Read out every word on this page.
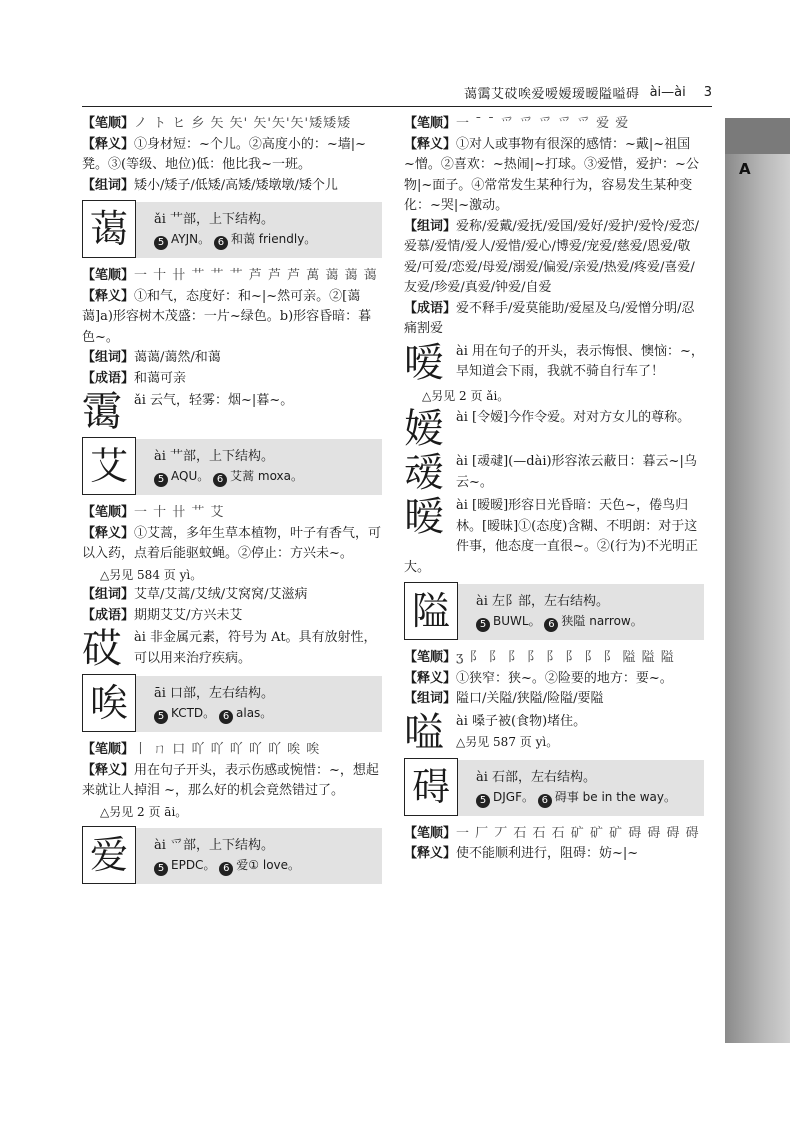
蔼霭艾砹唉爱嗳嫒瑷暧隘嗌碍 ài—ài 3
A
【笔顺】ノ ト ヒ 乡 矢 矢' 矢'矢'矢'矮矮矮
【释义】①身材短：~个儿。②高度小的：~墙|~凳。③(等级、地位)低：他比我~一班。
【组词】矮小/矮子/低矮/高矮/矮墩墩/矮个儿
蔼	ǎi 艹部，上下结构。
5 AYJN。 6 和蔼 friendly。
【笔顺】一 十 卄 艹 艹 艹 芦 芦 芦 萬 蔼 蔼 蔼
【释义】①和气，态度好：和~|~然可亲。②[蔼蔼]a)形容树木茂盛：一片~绿色。b)形容昏暗：暮色~。
【组词】蔼蔼/蔼然/和蔼
【成语】和蔼可亲
霭 ǎi 云气，轻雾：烟~|暮~。
艾	ài 艹部，上下结构。
5 AQU。 6 艾蒿 moxa。
【笔顺】一 十 卄 艹 艾
【释义】①艾蒿，多年生草本植物，叶子有香气，可以入药，点着后能驱蚊蝇。②停止：方兴未~。
△另见 584 页 yì。
【组词】艾草/艾蒿/艾绒/艾窝窝/艾滋病
【成语】期期艾艾/方兴未艾
砹 ài 非金属元素，符号为 At。具有放射性，可以用来治疗疾病。
唉	āi 口部，左右结构。
5 KCTD。 6 alas。
【笔顺】丨 ㄇ 口 吖 吖 吖 吖 吖 唉 唉
【释义】用在句子开头，表示伤感或惋惜：~，想起来就让人掉泪 ~，那么好的机会竟然错过了。
△另见 2 页 āi。
爱	ài 爫部，上下结构。
5 EPDC。 6 爱① love。
【笔顺】一 ˉ ˉ 爫 爫 爫 爫 爫 爱 爱
【释义】①对人或事物有很深的感情：~戴|~祖国 ~憎。②喜欢：~热闹|~打球。③爱惜，爱护：~公物|~面子。④常常发生某种行为，容易发生某种变化：~哭|~激动。
【组词】爱称/爱戴/爱抚/爱国/爱好/爱护/爱怜/爱恋/爱慕/爱情/爱人/爱惜/爱心/博爱/宠爱/慈爱/恩爱/敬爱/可爱/恋爱/母爱/溺爱/偏爱/亲爱/热爱/疼爱/喜爱/友爱/珍爱/真爱/钟爱/自爱
【成语】爱不释手/爱莫能助/爱屋及乌/爱憎分明/忍痛割爱
嗳 ài 用在句子的开头，表示悔恨、懊恼：~，早知道会下雨，我就不骑自行车了！
△另见 2 页 ǎi。
嫒 ài [令嫒]今作令爱。对对方女儿的尊称。
叆 ài [叆叇](—dài)形容浓云蔽日：暮云~|乌云~。
暧 ài [暧暧]形容日光昏暗：天色~，倦鸟归林。[暧昧]①(态度)含糊、不明朗：对于这件事，他态度一直很~。②(行为)不光明正大。
隘	ài 左阝部，左右结构。
5 BUWL。 6 狭隘 narrow。
【笔顺】ʒ 阝 阝 阝 阝 阝 阝 阝 阝 隘 隘 隘
【释义】①狭窄：狭~。②险要的地方：要~。
【组词】隘口/关隘/狭隘/险隘/要隘
嗌 ài 嗓子被(食物)堵住。
△另见 587 页 yì。
碍	ài 石部，左右结构。
5 DJGF。 6 碍事 be in the way。
【笔顺】一 厂 丆 石 石 石 矿 矿 矿 碍 碍 碍 碍
【释义】使不能顺利进行，阻碍：妨~|~
